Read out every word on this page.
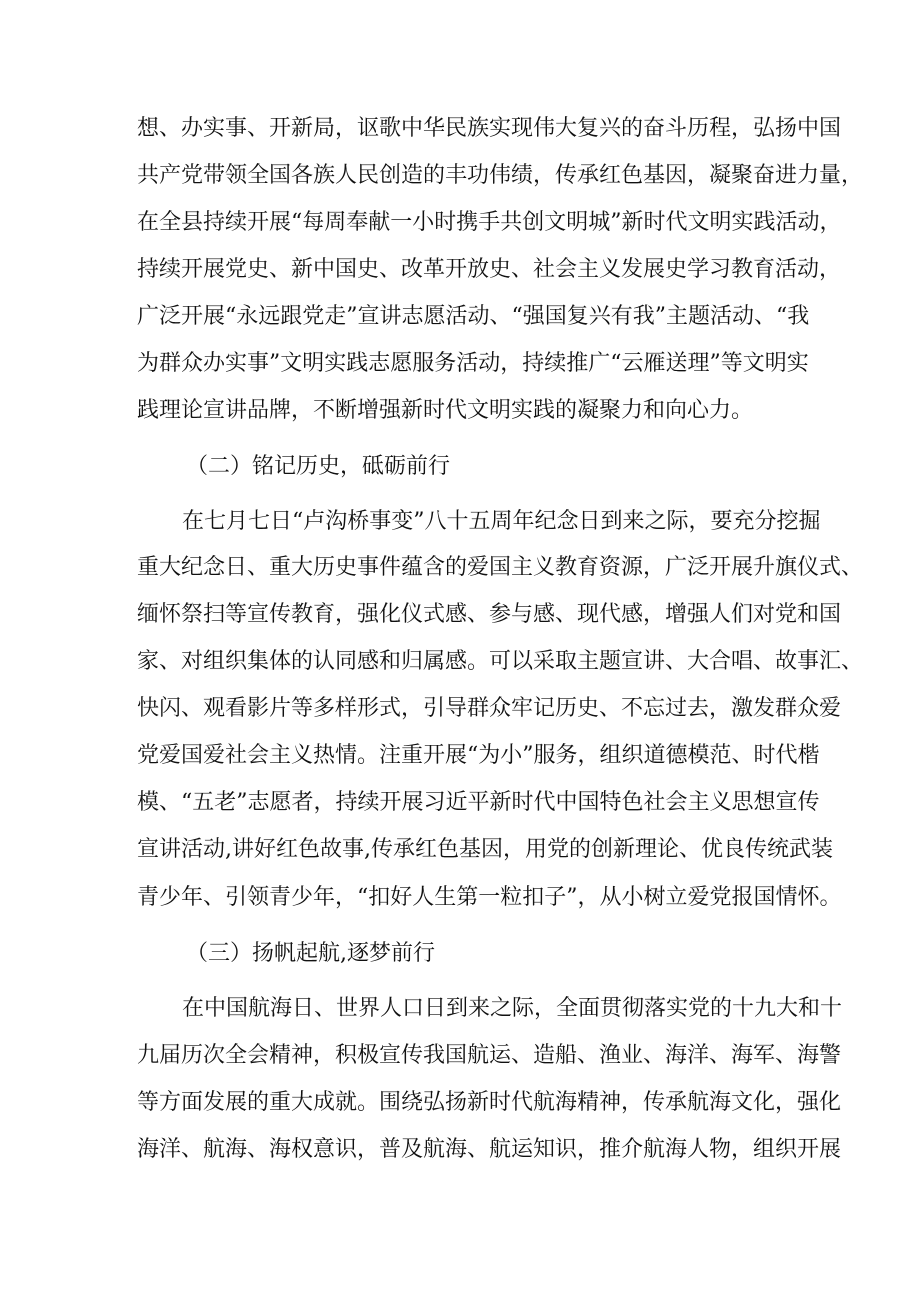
想、办实事、开新局，讴歌中华民族实现伟大复兴的奋斗历程，弘扬中国
共产党带领全国各族人民创造的丰功伟绩，传承红色基因，凝聚奋进力量，
在全县持续开展“每周奉献一小时携手共创文明城”新时代文明实践活动，
持续开展党史、新中国史、改革开放史、社会主义发展史学习教育活动，
广泛开展“永远跟党走”宣讲志愿活动、“强国复兴有我”主题活动、“我
为群众办实事”文明实践志愿服务活动，持续推广“云雁送理”等文明实
践理论宣讲品牌，不断增强新时代文明实践的凝聚力和向心力。
（二）铭记历史，砥砺前行
在七月七日“卢沟桥事变”八十五周年纪念日到来之际，要充分挖掘
重大纪念日、重大历史事件蕴含的爱国主义教育资源，广泛开展升旗仪式、
缅怀祭扫等宣传教育，强化仪式感、参与感、现代感，增强人们对党和国
家、对组织集体的认同感和归属感。可以采取主题宣讲、大合唱、故事汇、
快闪、观看影片等多样形式，引导群众牢记历史、不忘过去，激发群众爱
党爱国爱社会主义热情。注重开展“为小”服务，组织道德模范、时代楷
模、“五老”志愿者，持续开展习近平新时代中国特色社会主义思想宣传
宣讲活动,讲好红色故事,传承红色基因，用党的创新理论、优良传统武装
青少年、引领青少年，“扣好人生第一粒扣子”，从小树立爱党报国情怀。
（三）扬帆起航,逐梦前行
在中国航海日、世界人口日到来之际，全面贯彻落实党的十九大和十
九届历次全会精神，积极宣传我国航运、造船、渔业、海洋、海军、海警
等方面发展的重大成就。围绕弘扬新时代航海精神，传承航海文化，强化
海洋、航海、海权意识，普及航海、航运知识，推介航海人物，组织开展
